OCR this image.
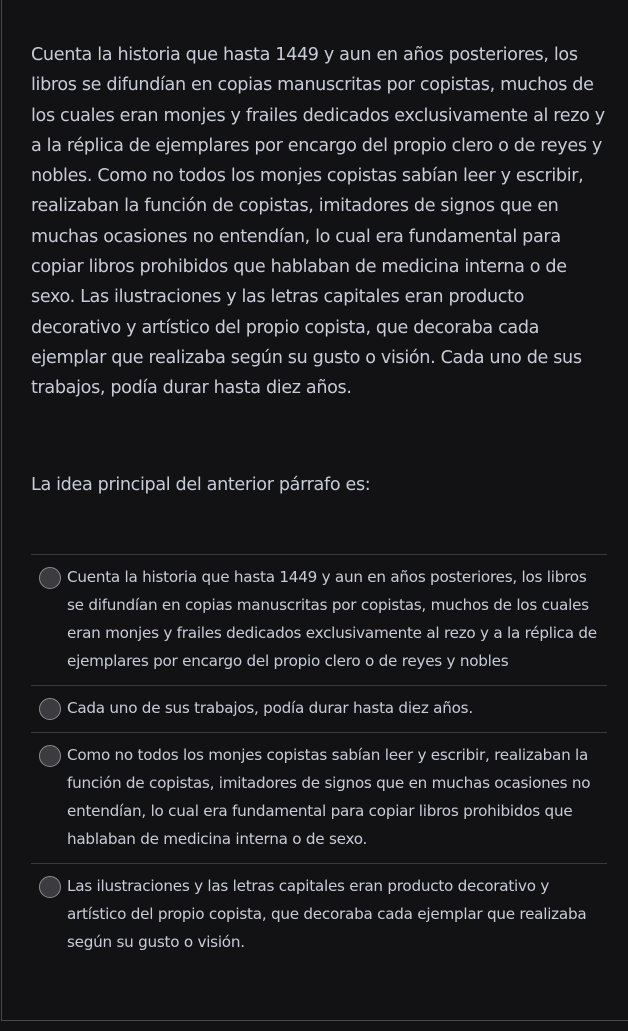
Cuenta la historia que hasta 1449 y aun en años posteriores, los libros se difundían en copias manuscritas por copistas, muchos de los cuales eran monjes y frailes dedicados exclusivamente al rezo y a la réplica de ejemplares por encargo del propio clero o de reyes y nobles. Como no todos los monjes copistas sabían leer y escribir, realizaban la función de copistas, imitadores de signos que en muchas ocasiones no entendían, lo cual era fundamental para copiar libros prohibidos que hablaban de medicina interna o de sexo. Las ilustraciones y las letras capitales eran producto decorativo y artístico del propio copista, que decoraba cada ejemplar que realizaba según su gusto o visión. Cada uno de sus trabajos, podía durar hasta diez años.

La idea principal del anterior párrafo es:

Cuenta la historia que hasta 1449 y aun en años posteriores, los libros se difundían en copias manuscritas por copistas, muchos de los cuales eran monjes y frailes dedicados exclusivamente al rezo y a la réplica de ejemplares por encargo del propio clero o de reyes y nobles
Cada uno de sus trabajos, podía durar hasta diez años.
Como no todos los monjes copistas sabían leer y escribir, realizaban la función de copistas, imitadores de signos que en muchas ocasiones no entendían, lo cual era fundamental para copiar libros prohibidos que hablaban de medicina interna o de sexo.
Las ilustraciones y las letras capitales eran producto decorativo y artístico del propio copista, que decoraba cada ejemplar que realizaba según su gusto o visión.
